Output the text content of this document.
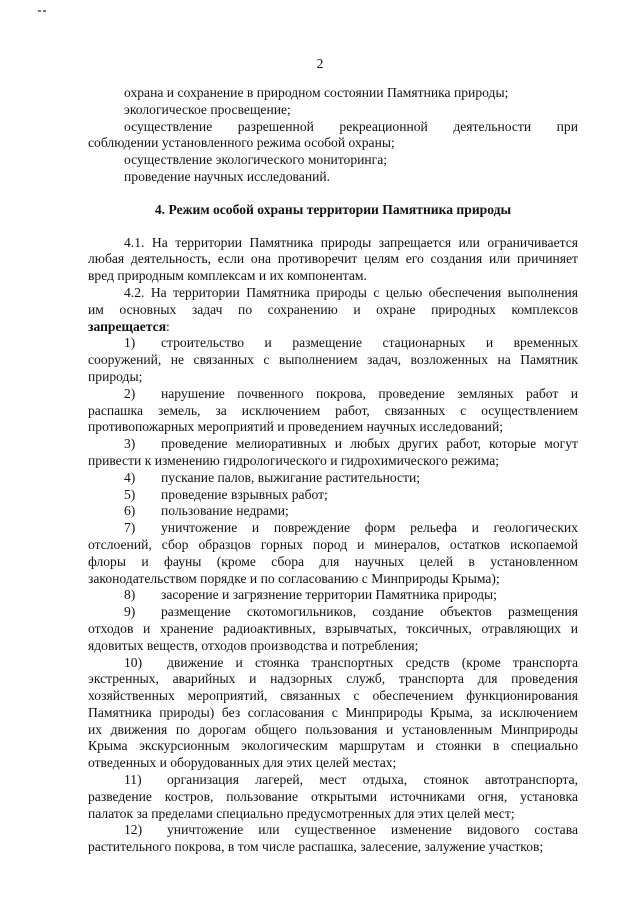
2

охрана и сохранение в природном состоянии Памятника природы;

экологическое просвещение;

осуществление разрешенной рекреационной деятельности при

соблюдении установленного режима особой охраны;

осуществление экологического мониторинга;

проведение научных исследований.

4. Режим особой охраны территории Памятника природы

4.1. На территории Памятника природы запрещается или ограничивается

любая деятельность, если она противоречит целям его создания или причиняет

вред природным комплексам и их компонентам.

4.2. На территории Памятника природы с целью обеспечения выполнения

им основных задач по сохранению и охране природных комплексов

запрещается:

1) строительство и размещение стационарных и временных

сооружений, не связанных с выполнением задач, возложенных на Памятник

природы;

2) нарушение почвенного покрова, проведение земляных работ и

распашка земель, за исключением работ, связанных с осуществлением

противопожарных мероприятий и проведением научных исследований;

3) проведение мелиоративных и любых других работ, которые могут

привести к изменению гидрологического и гидрохимического режима;

4) пускание палов, выжигание растительности;

5) проведение взрывных работ;

6) пользование недрами;

7) уничтожение и повреждение форм рельефа и геологических

отслоений, сбор образцов горных пород и минералов, остатков ископаемой

флоры и фауны (кроме сбора для научных целей в установленном

законодательством порядке и по согласованию с Минприроды Крыма);

8) засорение и загрязнение территории Памятника природы;

9) размещение скотомогильников, создание объектов размещения

отходов и хранение радиоактивных, взрывчатых, токсичных, отравляющих и

ядовитых веществ, отходов производства и потребления;

10) движение и стоянка транспортных средств (кроме транспорта

экстренных, аварийных и надзорных служб, транспорта для проведения

хозяйственных мероприятий, связанных с обеспечением функционирования

Памятника природы) без согласования с Минприроды Крыма, за исключением

их движения по дорогам общего пользования и установленным Минприроды

Крыма экскурсионным экологическим маршрутам и стоянки в специально

отведенных и оборудованных для этих целей местах;

11) организация лагерей, мест отдыха, стоянок автотранспорта,

разведение костров, пользование открытыми источниками огня, установка

палаток за пределами специально предусмотренных для этих целей мест;

12) уничтожение или существенное изменение видового состава

растительного покрова, в том числе распашка, залесение, залужение участков;
